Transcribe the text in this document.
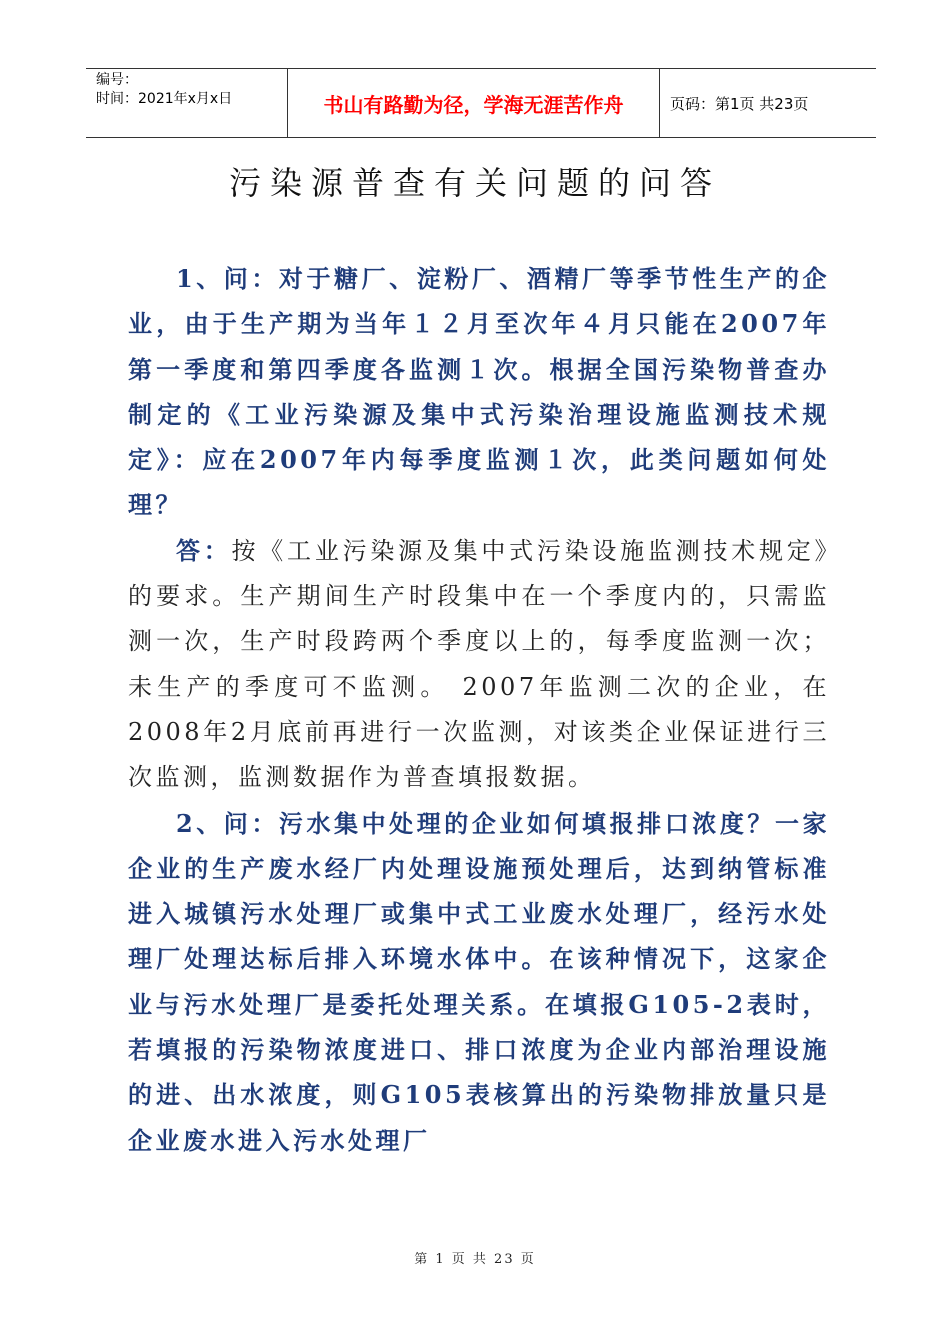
编号：
时间：2021年x月x日	书山有路勤为径，学海无涯苦作舟	页码：第1页 共23页
污染源普查有关问题的问答

1、问：对于糖厂、淀粉厂、酒精厂等季节性生产的企业，由于生产期为当年１２月至次年４月只能在2007年第一季度和第四季度各监测１次。根据全国污染物普查办制定的《工业污染源及集中式污染治理设施监测技术规定》：应在2007年内每季度监测１次，此类问题如何处理？

答：按《工业污染源及集中式污染设施监测技术规定》的要求。生产期间生产时段集中在一个季度内的，只需监测一次，生产时段跨两个季度以上的，每季度监测一次；未生产的季度可不监测。 2007年监测二次的企业，在2008年2月底前再进行一次监测，对该类企业保证进行三次监测，监测数据作为普查填报数据。

2、问：污水集中处理的企业如何填报排口浓度？一家企业的生产废水经厂内处理设施预处理后，达到纳管标准进入城镇污水处理厂或集中式工业废水处理厂，经污水处理厂处理达标后排入环境水体中。在该种情况下，这家企业与污水处理厂是委托处理关系。在填报G105-2表时，若填报的污染物浓度进口、排口浓度为企业内部治理设施的进、出水浓度，则G105表核算出的污染物排放量只是企业废水进入污水处理厂

第 1 页 共 23 页
